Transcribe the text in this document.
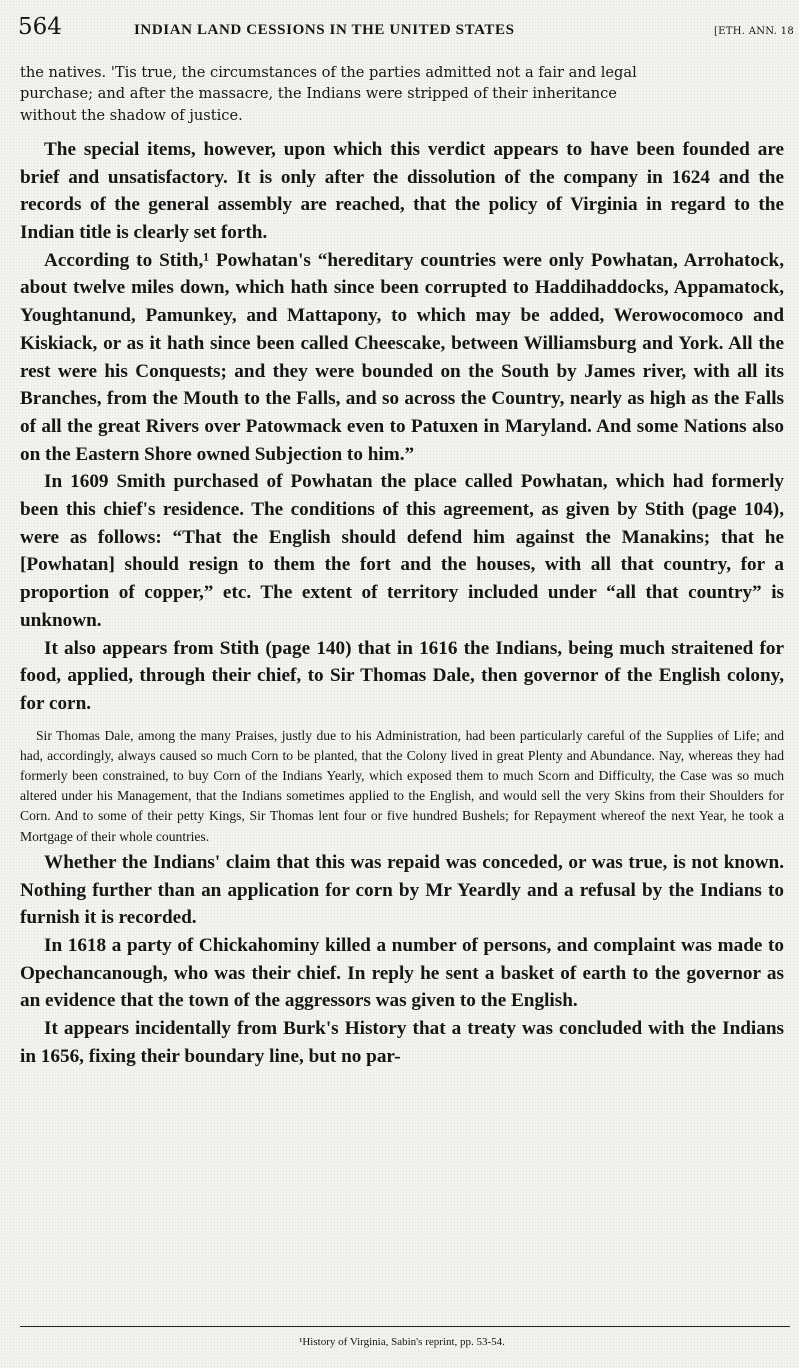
564	INDIAN LAND CESSIONS IN THE UNITED STATES	[ETH. ANN. 18
the natives. 'Tis true, the circumstances of the parties admitted not a fair and legal
purchase; and after the massacre, the Indians were stripped of their inheritance
without the shadow of justice.

The special items, however, upon which this verdict appears to have been founded are brief and unsatisfactory. It is only after the dissolution of the company in 1624 and the records of the general assembly are reached, that the policy of Virginia in regard to the Indian title is clearly set forth.

According to Stith,¹ Powhatan's “hereditary countries were only Powhatan, Arrohatock, about twelve miles down, which hath since been corrupted to Haddihaddocks, Appamatock, Youghtanund, Pamunkey, and Mattapony, to which may be added, Werowocomoco and Kiskiack, or as it hath since been called Cheescake, between Williamsburg and York. All the rest were his Conquests; and they were bounded on the South by James river, with all its Branches, from the Mouth to the Falls, and so across the Country, nearly as high as the Falls of all the great Rivers over Patowmack even to Patuxen in Maryland. And some Nations also on the Eastern Shore owned Subjection to him.”

In 1609 Smith purchased of Powhatan the place called Powhatan, which had formerly been this chief's residence. The conditions of this agreement, as given by Stith (page 104), were as follows: “That the English should defend him against the Manakins; that he [Powhatan] should resign to them the fort and the houses, with all that country, for a proportion of copper,” etc. The extent of territory included under “all that country” is unknown.

It also appears from Stith (page 140) that in 1616 the Indians, being much straitened for food, applied, through their chief, to Sir Thomas Dale, then governor of the English colony, for corn.

Sir Thomas Dale, among the many Praises, justly due to his Administration, had been particularly careful of the Supplies of Life; and had, accordingly, always caused so much Corn to be planted, that the Colony lived in great Plenty and Abundance. Nay, whereas they had formerly been constrained, to buy Corn of the Indians Yearly, which exposed them to much Scorn and Difficulty, the Case was so much altered under his Management, that the Indians sometimes applied to the English, and would sell the very Skins from their Shoulders for Corn. And to some of their petty Kings, Sir Thomas lent four or five hundred Bushels; for Repayment whereof the next Year, he took a Mortgage of their whole countries.

Whether the Indians' claim that this was repaid was conceded, or was true, is not known. Nothing further than an application for corn by Mr Yeardly and a refusal by the Indians to furnish it is recorded.

In 1618 a party of Chickahominy killed a number of persons, and complaint was made to Opechancanough, who was their chief. In reply he sent a basket of earth to the governor as an evidence that the town of the aggressors was given to the English.

It appears incidentally from Burk's History that a treaty was concluded with the Indians in 1656, fixing their boundary line, but no par-

¹History of Virginia, Sabin's reprint, pp. 53-54.
